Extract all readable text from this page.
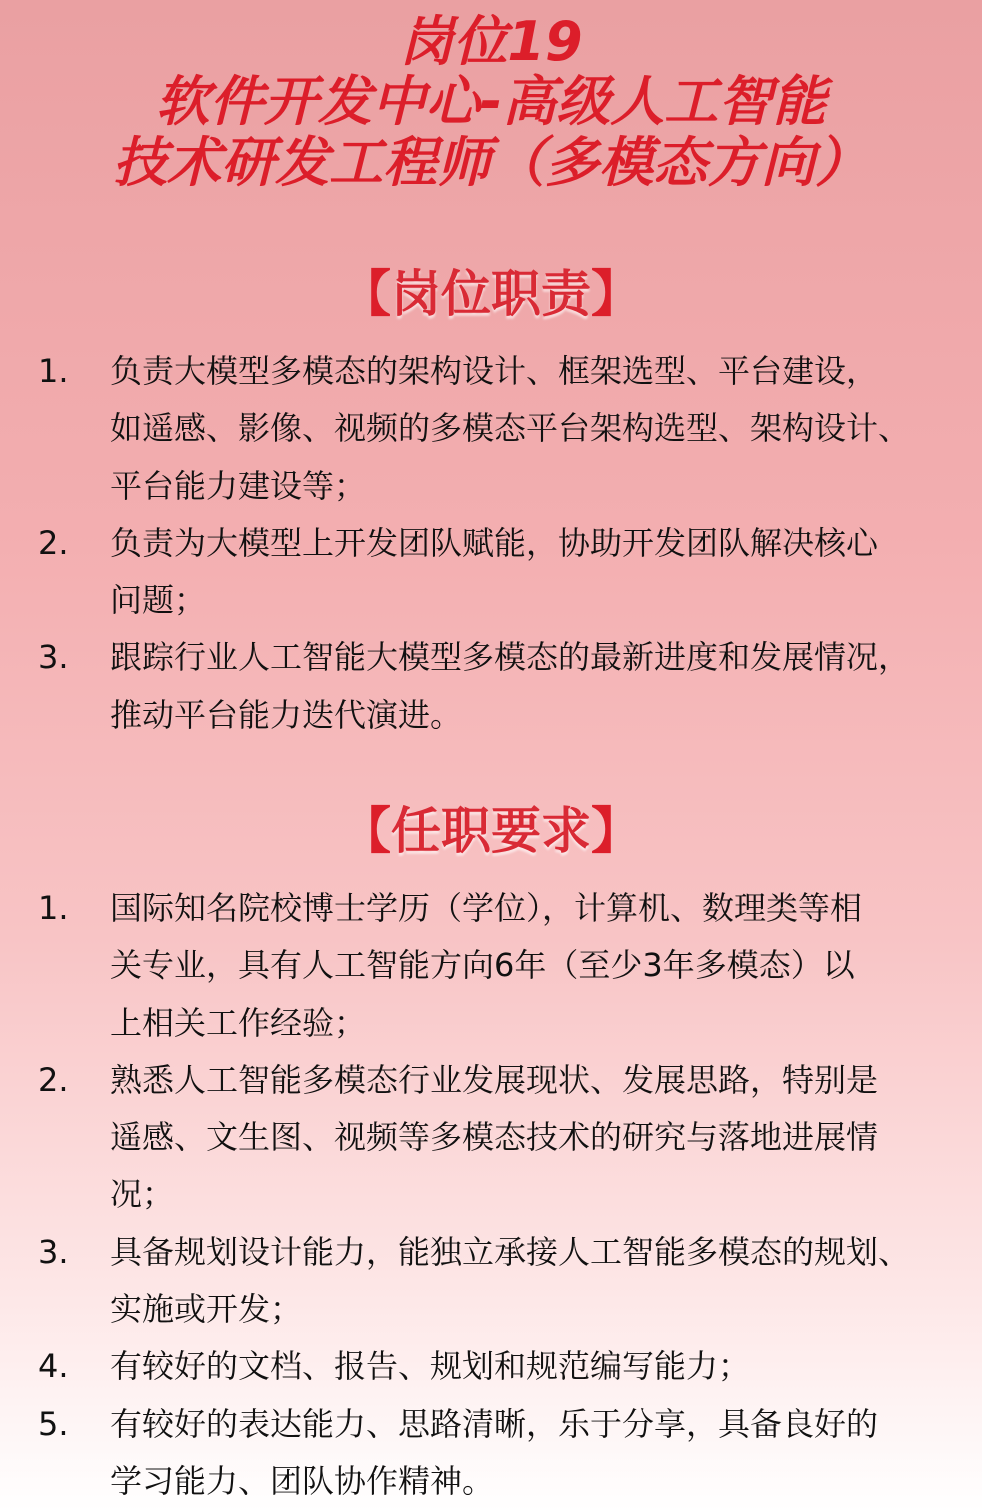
岗位19
软件开发中心-高级人工智能
技术研发工程师（多模态方向）
【岗位职责】
1.	负责大模型多模态的架构设计、框架选型、平台建设，
如遥感、影像、视频的多模态平台架构选型、架构设计、
平台能力建设等；
2.	负责为大模型上开发团队赋能，协助开发团队解决核心
问题；
3.	跟踪行业人工智能大模型多模态的最新进度和发展情况，
推动平台能力迭代演进。
【任职要求】
1.	国际知名院校博士学历（学位），计算机、数理类等相
关专业，具有人工智能方向6年（至少3年多模态）以
上相关工作经验；
2.	熟悉人工智能多模态行业发展现状、发展思路，特别是
遥感、文生图、视频等多模态技术的研究与落地进展情
况；
3.	具备规划设计能力，能独立承接人工智能多模态的规划、
实施或开发；
4.	有较好的文档、报告、规划和规范编写能力；
5.	有较好的表达能力、思路清晰，乐于分享，具备良好的
学习能力、团队协作精神。
